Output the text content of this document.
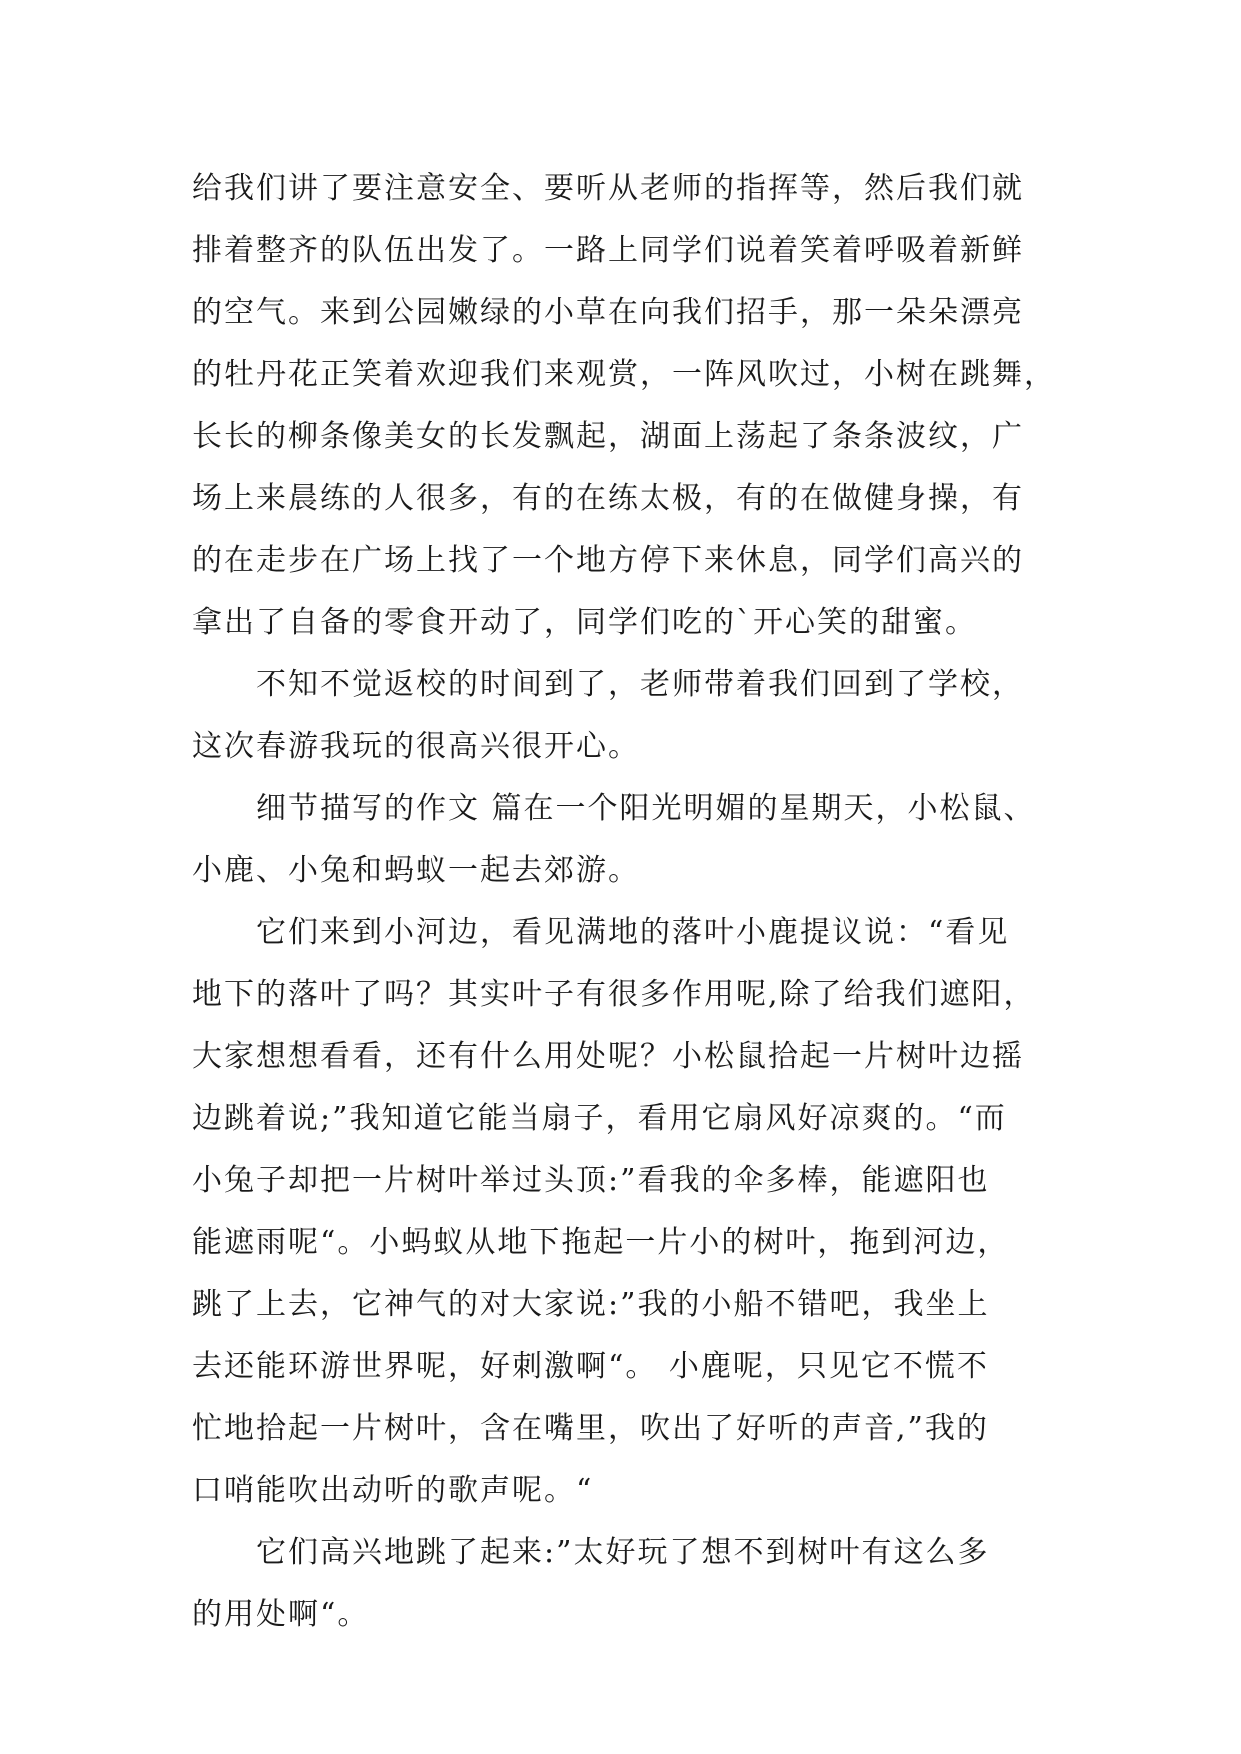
给我们讲了要注意安全、要听从老师的指挥等，然后我们就
排着整齐的队伍出发了。一路上同学们说着笑着呼吸着新鲜
的空气。来到公园嫩绿的小草在向我们招手，那一朵朵漂亮
的牡丹花正笑着欢迎我们来观赏，一阵风吹过，小树在跳舞，
长长的柳条像美女的长发飘起，湖面上荡起了条条波纹，广
场上来晨练的人很多，有的在练太极，有的在做健身操，有
的在走步在广场上找了一个地方停下来休息，同学们高兴的
拿出了自备的零食开动了，同学们吃的`开心笑的甜蜜。
　　不知不觉返校的时间到了，老师带着我们回到了学校，
这次春游我玩的很高兴很开心。
　　细节描写的作文 篇在一个阳光明媚的星期天，小松鼠、
小鹿、小兔和蚂蚁一起去郊游。
　　它们来到小河边，看见满地的落叶小鹿提议说：“看见
地下的落叶了吗？其实叶子有很多作用呢,除了给我们遮阳，
大家想想看看，还有什么用处呢？小松鼠拾起一片树叶边摇
边跳着说;”我知道它能当扇子，看用它扇风好凉爽的。“而
小兔子却把一片树叶举过头顶:”看我的伞多棒，能遮阳也
能遮雨呢“。小蚂蚁从地下拖起一片小的树叶，拖到河边，
跳了上去，它神气的对大家说:”我的小船不错吧，我坐上
去还能环游世界呢，好刺激啊“。 小鹿呢，只见它不慌不
忙地拾起一片树叶，含在嘴里，吹出了好听的声音,”我的
口哨能吹出动听的歌声呢。“
　　它们高兴地跳了起来:”太好玩了想不到树叶有这么多
的用处啊“。
